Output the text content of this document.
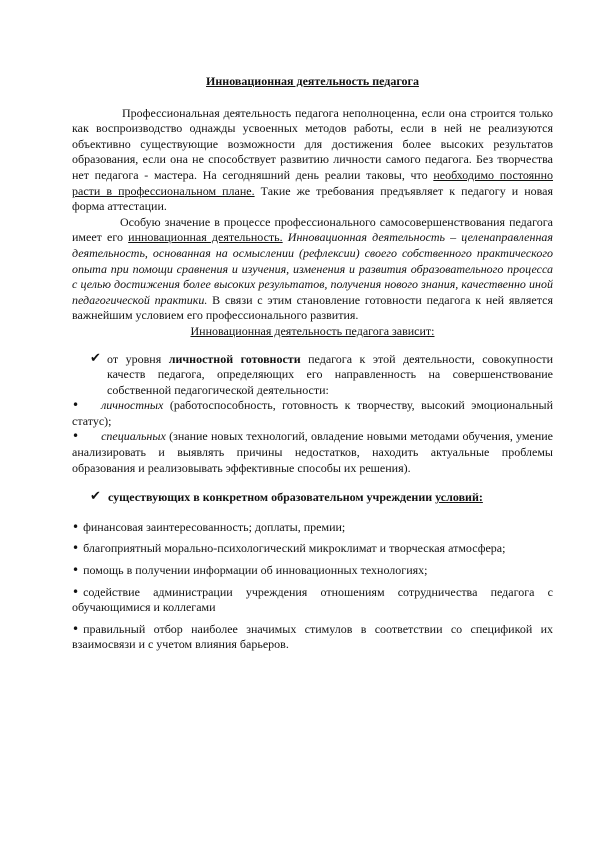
Инновационная деятельность педагога

Профессиональная деятельность педагога неполноценна, если она строится только как воспроизводство однажды усвоенных методов работы, если в ней не реализуются объективно существующие возможности для достижения более высоких результатов образования, если она не способствует развитию личности самого педагога. Без творчества нет педагога - мастера. На сегодняшний день реалии таковы, что необходимо постоянно расти в профессиональном плане. Такие же требования предъявляет к педагогу и новая форма аттестации.

Особую значение в процессе профессионального самосовершенствования педагога имеет его инновационная деятельность. Инновационная деятельность – целенаправленная деятельность, основанная на осмыслении (рефлексии) своего собственного практического опыта при помощи сравнения и изучения, изменения и развития образовательного процесса с целью достижения более высоких результатов, получения нового знания, качественно иной педагогической практики. В связи с этим становление готовности педагога к ней является важнейшим условием его профессионального развития.

Инновационная деятельность педагога зависит:
✔ от уровня личностной готовности педагога к этой деятельности, совокупности качеств педагога, определяющих его направленность на совершенствование собственной педагогической деятельности:

• личностных (работоспособность, готовность к творчеству, высокий эмоциональный статус);

• специальных (знание новых технологий, овладение новыми методами обучения, умение анализировать и выявлять причины недостатков, находить актуальные проблемы образования и реализовывать эффективные способы их решения).

✔ существующих в конкретном образовательном учреждении условий:

• финансовая заинтересованность; доплаты, премии;

• благоприятный морально-психологический микроклимат и творческая атмосфера;

• помощь в получении информации об инновационных технологиях;

• содействие администрации учреждения отношениям сотрудничества педагога с обучающимися и коллегами

• правильный отбор наиболее значимых стимулов в соответствии со спецификой их взаимосвязи и с учетом влияния барьеров.
